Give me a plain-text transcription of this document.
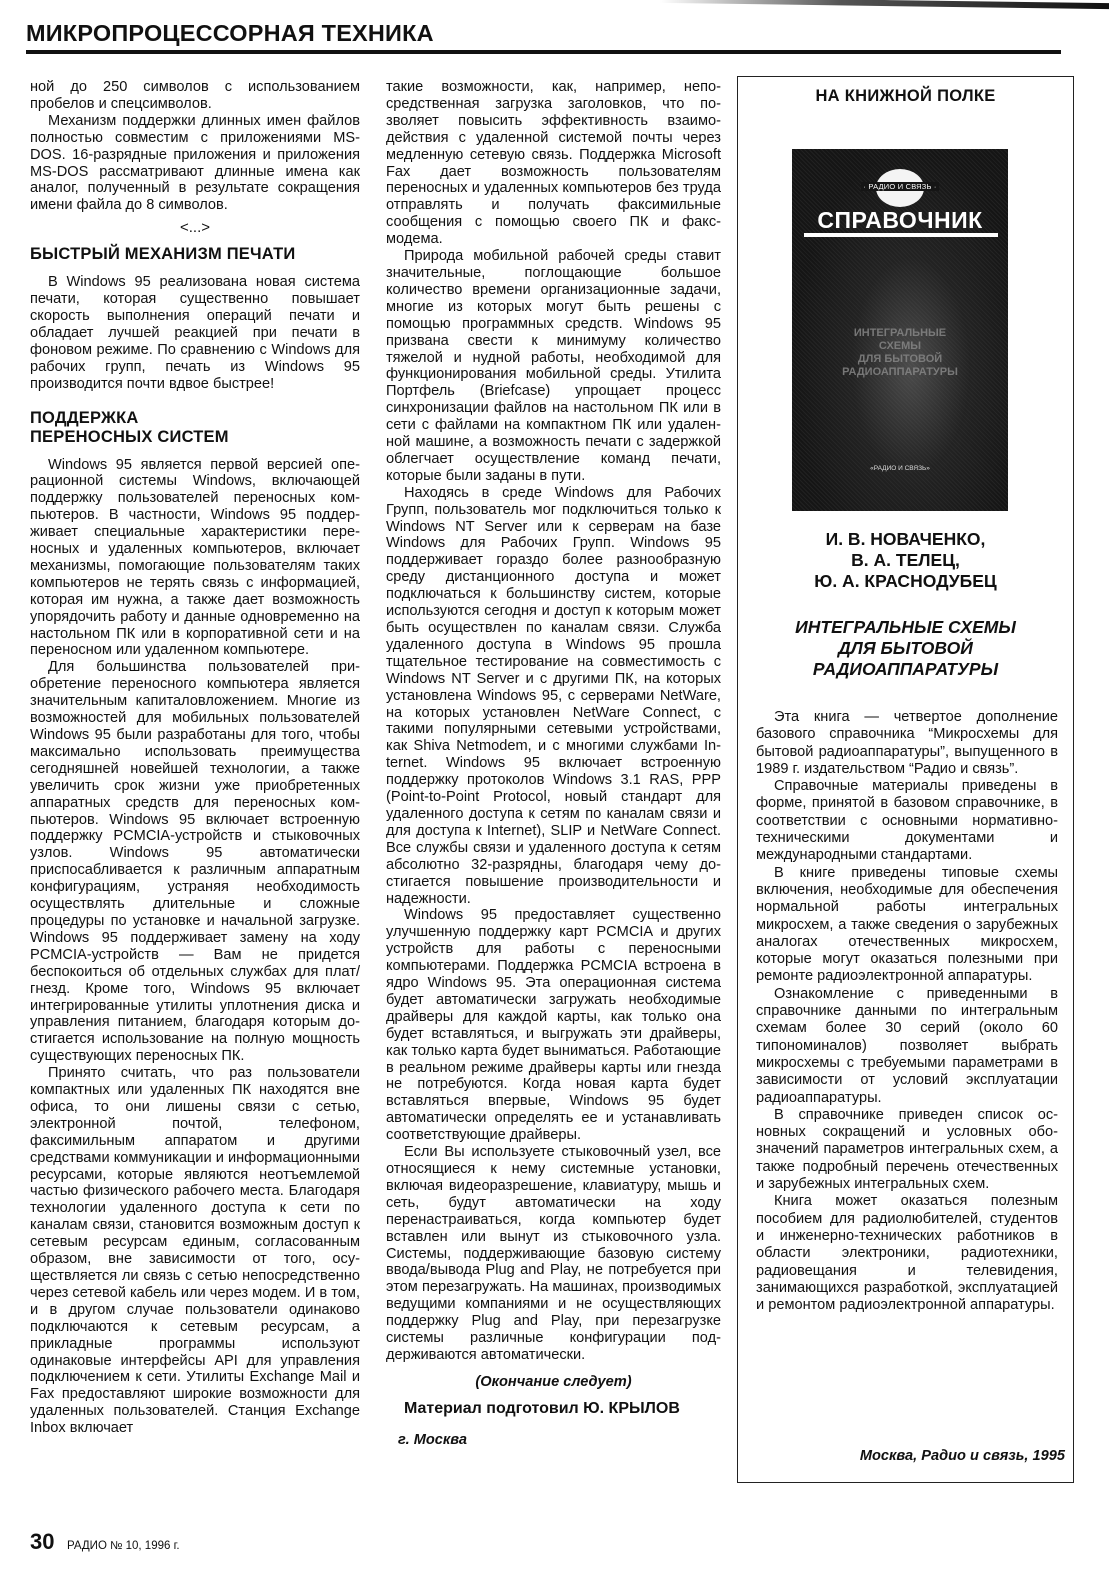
МИКРОПРОЦЕССОРНАЯ ТЕХНИКА

ной до 250 символов с использованием пробелов и спецсимволов.

Механизм поддержки длинных имен файлов полностью совместим с приложениями MS-DOS. 16-разрядные приложения и приложения MS-DOS рассматривают длинные имена как аналог, полученный в результате сокращения имени файла до 8 символов.

<...>
БЫСТРЫЙ МЕХАНИЗМ ПЕЧАТИ

В Windows 95 реализована новая система печати, которая существенно повышает скорость выполнения операций печати и обладает лучшей реакцией при печати в фоновом режиме. По сравнению с Windows для рабочих групп, печать из Windows 95 производится почти вдвое быстрее!

ПОДДЕРЖКА
ПЕРЕНОСНЫХ СИСТЕМ

Windows 95 является первой версией операционной системы Windows, включающей поддержку пользователей переносных компьютеров. В частности, Windows 95 поддерживает специальные характеристики переносных и удаленных компьютеров, включает механизмы, помогающие пользователям таких компьютеров не терять связь с информацией, которая им нужна, а также дает возможность упорядочить работу и данные одновременно на настольном ПК или в корпоративной сети и на переносном или удаленном компьютере.

Для большинства пользователей приобретение переносного компьютера является значительным капиталовложением. Многие из возможностей для мобильных пользователей Windows 95 были разработаны для того, чтобы максимально использовать преимущества сегодняшней новейшей технологии, а также увеличить срок жизни уже приобретенных аппаратных средств для переносных компьютеров. Windows 95 включает встроенную поддержку PCMCIA-устройств и стыковочных узлов. Windows 95 автоматически приспосабливается к различным аппаратным конфигурациям, устраняя необходимость осуществлять длительные и сложные процедуры по установке и начальной загрузке. Windows 95 поддерживает замену на ходу PCMCIA-устройств — Вам не придется беспокоиться об отдельных службах для плат/гнезд. Кроме того, Windows 95 включает интегрированные утилиты уплотнения диска и управления питанием, благодаря которым достигается использование на полную мощность существующих переносных ПК.

Принято считать, что раз пользователи компактных или удаленных ПК находятся вне офиса, то они лишены связи с сетью, электронной почтой, телефоном, факсимильным аппаратом и другими средствами коммуникации и информационными ресурсами, которые являются неотъемлемой частью физического рабочего места. Благодаря технологии удаленного доступа к сети по каналам связи, становится возможным доступ к сетевым ресурсам единым, согласованным образом, вне зависимости от того, осуществляется ли связь с сетью непосредственно через сетевой кабель или через модем. И в том, и в другом случае пользователи одинаково подключаются к сетевым ресурсам, а прикладные программы используют одинаковые интерфейсы API для управления подключением к сети. Утилиты Exchange Mail и Fax предоставляют широкие возможности для удаленных пользователей. Станция Exchange Inbox включает

такие возможности, как, например, непосредственная загрузка заголовков, что позволяет повысить эффективность взаимодействия с удаленной системой почты через медленную сетевую связь. Поддержка Microsoft Fax дает возможность пользователям переносных и удаленных компьютеров без труда отправлять и получать факсимильные сообщения с помощью своего ПК и факс-модема.

Природа мобильной рабочей среды ставит значительные, поглощающие большое количество времени организационные задачи, многие из которых могут быть решены с помощью программных средств. Windows 95 призвана свести к минимуму количество тяжелой и нудной работы, необходимой для функционирования мобильной среды. Утилита Портфель (Briefcase) упрощает процесс синхронизации файлов на настольном ПК или в сети с файлами на компактном ПК или удаленной машине, а возможность печати с задержкой облегчает осуществление команд печати, которые были заданы в пути.

Находясь в среде Windows для Рабочих Групп, пользователь мог подключиться только к Windows NT Server или к серверам на базе Windows для Рабочих Групп. Windows 95 поддерживает гораздо более разнообразную среду дистанционного доступа и может подключаться к большинству систем, которые используются сегодня и доступ к которым может быть осуществлен по каналам связи. Служба удаленного доступа в Windows 95 прошла тщательное тестирование на совместимость с Windows NT Server и с другими ПК, на которых установлена Windows 95, с серверами NetWare, на которых установлен NetWare Connect, с такими популярными сетевыми устройствами, как Shiva Netmodem, и с многими службами Internet. Windows 95 включает встроенную поддержку протоколов Windows 3.1 RAS, PPP (Point-to-Point Protocol, новый стандарт для удаленного доступа к сетям по каналам связи и для доступа к Internet), SLIP и NetWare Connect. Все службы связи и удаленного доступа к сетям абсолютно 32-разрядны, благодаря чему достигается повышение производительности и надежности.

Windows 95 предоставляет существенно улучшенную поддержку карт PCMCIA и других устройств для работы с переносными компьютерами. Поддержка PCMCIA встроена в ядро Windows 95. Эта операционная система будет автоматически загружать необходимые драйверы для каждой карты, как только она будет вставляться, и выгружать эти драйверы, как только карта будет выниматься. Работающие в реальном режиме драйверы карты или гнезда не потребуются. Когда новая карта будет вставляться впервые, Windows 95 будет автоматически определять ее и устанавливать соответствующие драйверы.

Если Вы используете стыковочный узел, все относящиеся к нему системные установки, включая видеоразрешение, клавиатуру, мышь и сеть, будут автоматически на ходу перенастраиваться, когда компьютер будет вставлен или вынут из стыковочного узла. Системы, поддерживающие базовую систему ввода/вывода Plug and Play, не потребуется при этом перезагружать. На машинах, производимых ведущими компаниями и не осуществляющих поддержку Plug and Play, при перезагрузке системы различные конфигурации поддерживаются автоматически.

(Окончание следует)
Материал подготовил Ю. КРЫЛОВ
г. Москва
НА КНИЖНОЙ ПОЛКЕ
· РАДИО И СВЯЗЬ ·
СПРАВОЧНИК
ИНТЕГРАЛЬНЫЕ
СХЕМЫ
ДЛЯ БЫТОВОЙ
РАДИОАППАРАТУРЫ
«РАДИО И СВЯЗЬ»
И. В. НОВАЧЕНКО,
В. А. ТЕЛЕЦ,
Ю. А. КРАСНОДУБЕЦ
ИНТЕГРАЛЬНЫЕ СХЕМЫ
ДЛЯ БЫТОВОЙ
РАДИОАППАРАТУРЫ

Эта книга — четвертое дополнение базового справочника “Микросхемы для бытовой радиоаппаратуры”, выпущенного в 1989 г. издательством “Радио и связь”.

Справочные материалы приведены в форме, принятой в базовом справочнике, в соответствии с основными нормативно-техническими документами и международными стандартами.

В книге приведены типовые схемы включения, необходимые для обеспечения нормальной работы интегральных микросхем, а также сведения о зарубежных аналогах отечественных микросхем, которые могут оказаться полезными при ремонте радиоэлектронной аппаратуры.

Ознакомление с приведенными в справочнике данными по интегральным схемам более 30 серий (около 60 типономиналов) позволяет выбрать микросхемы с требуемыми параметрами в зависимости от условий эксплуатации радиоаппаратуры.

В справочнике приведен список основных сокращений и условных обозначений параметров интегральных схем, а также подробный перечень отечественных и зарубежных интегральных схем.

Книга может оказаться полезным пособием для радиолюбителей, студентов и инженерно-технических работников в области электроники, радиотехники, радиовещания и телевидения, занимающихся разработкой, эксплуатацией и ремонтом радиоэлектронной аппаратуры.

Москва, Радио и связь, 1995
30 РАДИО № 10, 1996 г.
